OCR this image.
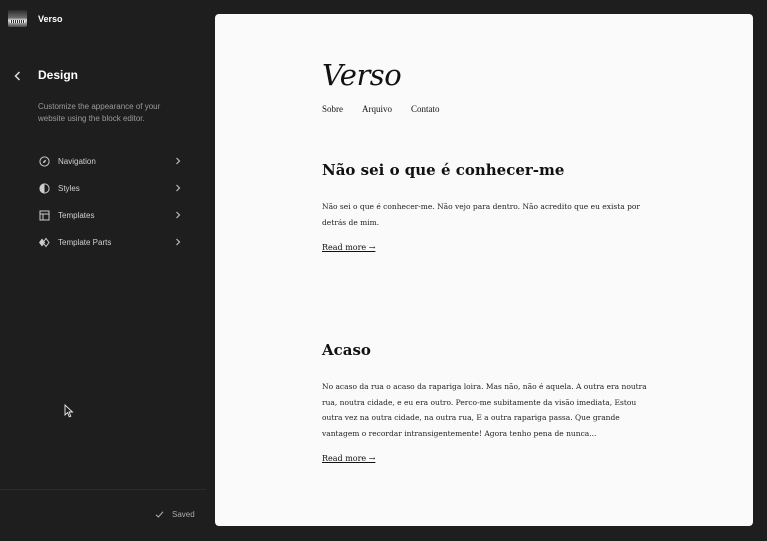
Verso
Design
Customize the appearance of your website using the block editor.
Navigation
Styles
Templates
Template Parts
Saved
Verso
Sobre Arquivo Contato
Não sei o que é conhecer-me
Não sei o que é conhecer-me. Não vejo para dentro. Não acredito que eu exista por detrás de mim.
Read more →
Acaso
No acaso da rua o acaso da rapariga loira. Mas não, não é aquela. A outra era noutra rua, noutra cidade, e eu era outro. Perco-me subitamente da visão imediata, Estou outra vez na outra cidade, na outra rua, E a outra rapariga passa. Que grande vantagem o recordar intransigentemente! Agora tenho pena de nunca...
Read more →
